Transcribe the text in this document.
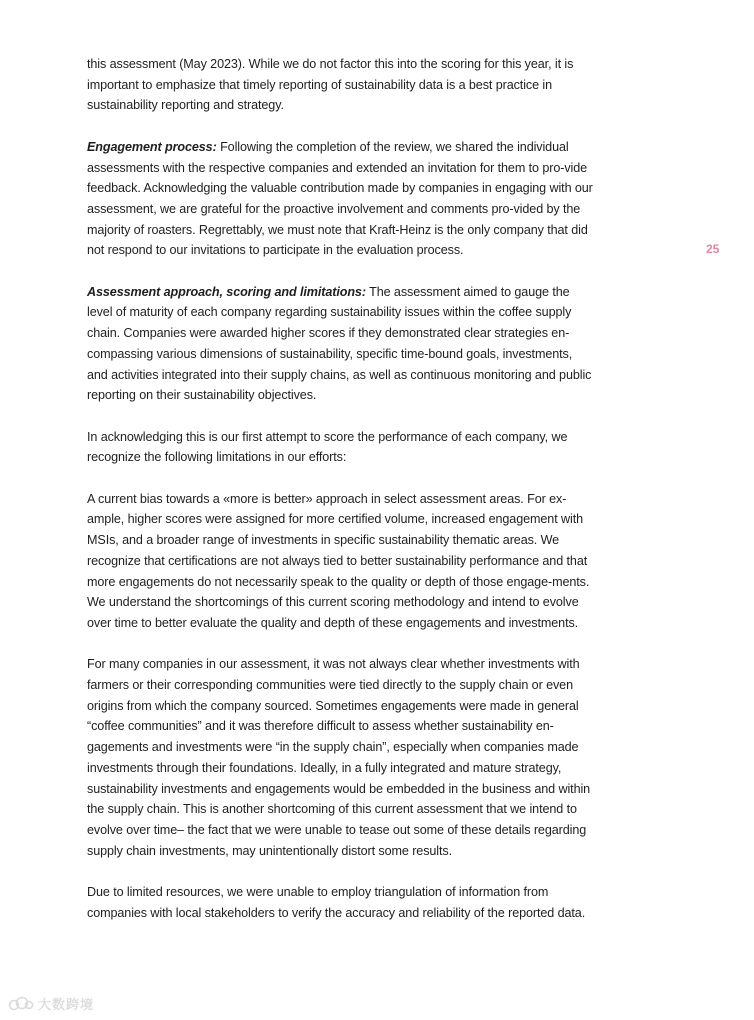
this assessment (May 2023). While we do not factor this into the scoring for this year, it is important to emphasize that timely reporting of sustainability data is a best practice in sustainability reporting and strategy.

Engagement process: Following the completion of the review, we shared the individual assessments with the respective companies and extended an invitation for them to pro-vide feedback. Acknowledging the valuable contribution made by companies in engaging with our assessment, we are grateful for the proactive involvement and comments pro-vided by the majority of roasters. Regrettably, we must note that Kraft-Heinz is the only company that did not respond to our invitations to participate in the evaluation process.

Assessment approach, scoring and limitations: The assessment aimed to gauge the level of maturity of each company regarding sustainability issues within the coffee supply chain. Companies were awarded higher scores if they demonstrated clear strategies en-compassing various dimensions of sustainability, specific time-bound goals, investments, and activities integrated into their supply chains, as well as continuous monitoring and public reporting on their sustainability objectives.

In acknowledging this is our first attempt to score the performance of each company, we recognize the following limitations in our efforts:

A current bias towards a «more is better» approach in select assessment areas. For ex-ample, higher scores were assigned for more certified volume, increased engagement with MSIs, and a broader range of investments in specific sustainability thematic areas. We recognize that certifications are not always tied to better sustainability performance and that more engagements do not necessarily speak to the quality or depth of those engage-ments. We understand the shortcomings of this current scoring methodology and intend to evolve over time to better evaluate the quality and depth of these engagements and investments.

For many companies in our assessment, it was not always clear whether investments with farmers or their corresponding communities were tied directly to the supply chain or even origins from which the company sourced. Sometimes engagements were made in general “coffee communities” and it was therefore difficult to assess whether sustainability en-gagements and investments were “in the supply chain”, especially when companies made investments through their foundations. Ideally, in a fully integrated and mature strategy, sustainability investments and engagements would be embedded in the business and within the supply chain. This is another shortcoming of this current assessment that we intend to evolve over time– the fact that we were unable to tease out some of these details regarding supply chain investments, may unintentionally distort some results.

Due to limited resources, we were unable to employ triangulation of information from companies with local stakeholders to verify the accuracy and reliability of the reported data.

25
大数跨境
